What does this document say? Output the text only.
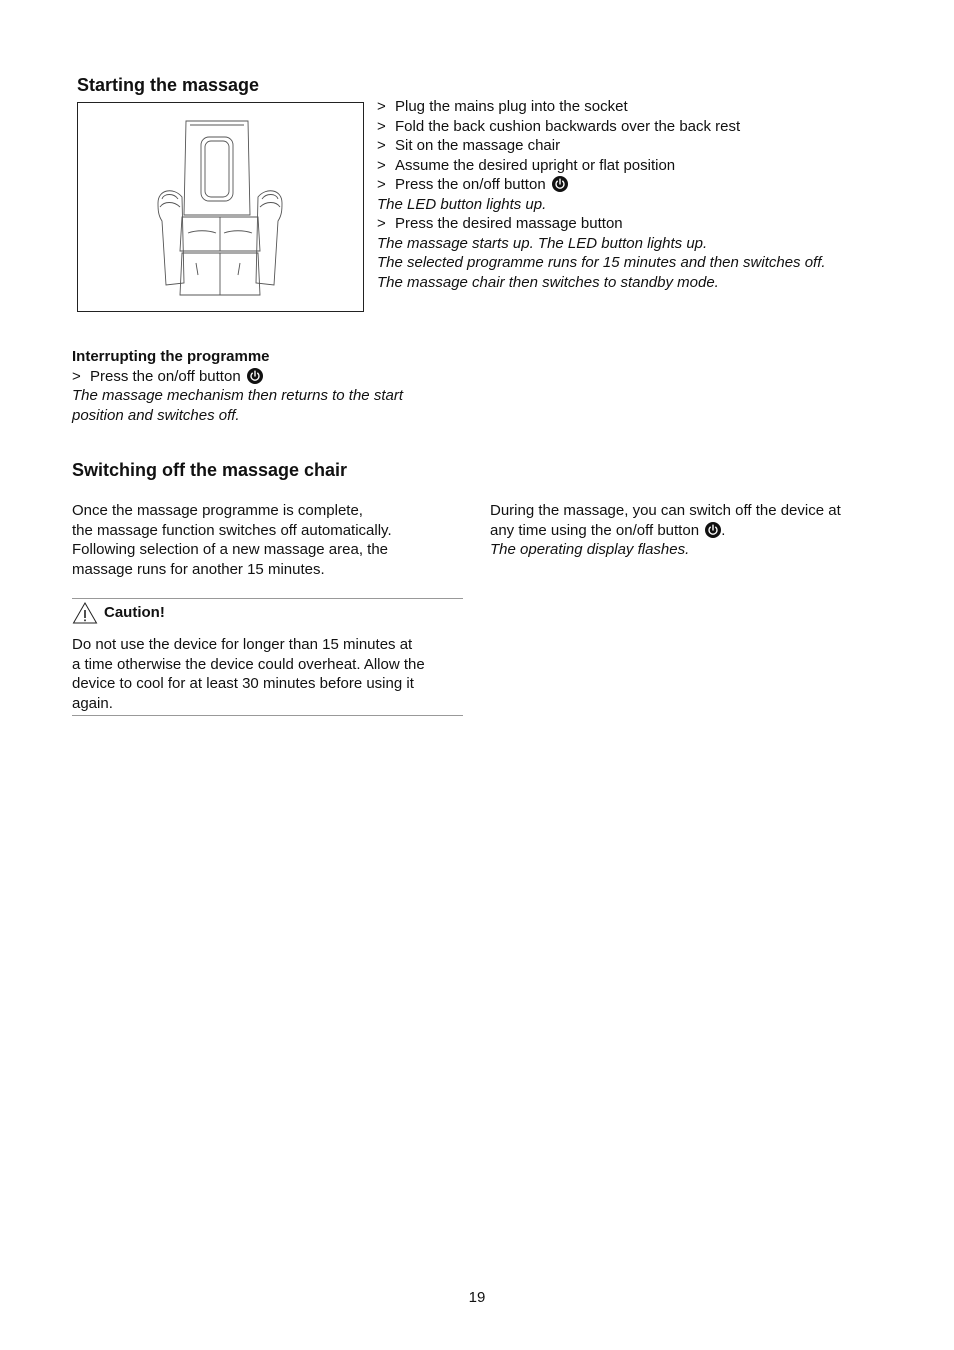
Starting the massage
> Plug the mains plug into the socket
> Fold the back cushion backwards over the back rest
> Sit on the massage chair
> Assume the desired upright or flat position
> Press the on/off button
The LED button lights up.
> Press the desired massage button
The massage starts up. The LED button lights up.
The selected programme runs for 15 minutes and then switches off.
The massage chair then switches to standby mode.
Interrupting the programme
> Press the on/off button
The massage mechanism then returns to the start
position and switches off.
Switching off the massage chair
Once the massage programme is complete,
the massage function switches off automatically.
Following selection of a new massage area, the
massage runs for another 15 minutes.
During the massage, you can switch off the device at
any time using the on/off button .
The operating display flashes.
Caution!
Do not use the device for longer than 15 minutes at
a time otherwise the device could overheat. Allow the
device to cool for at least 30 minutes before using it
again.
19
